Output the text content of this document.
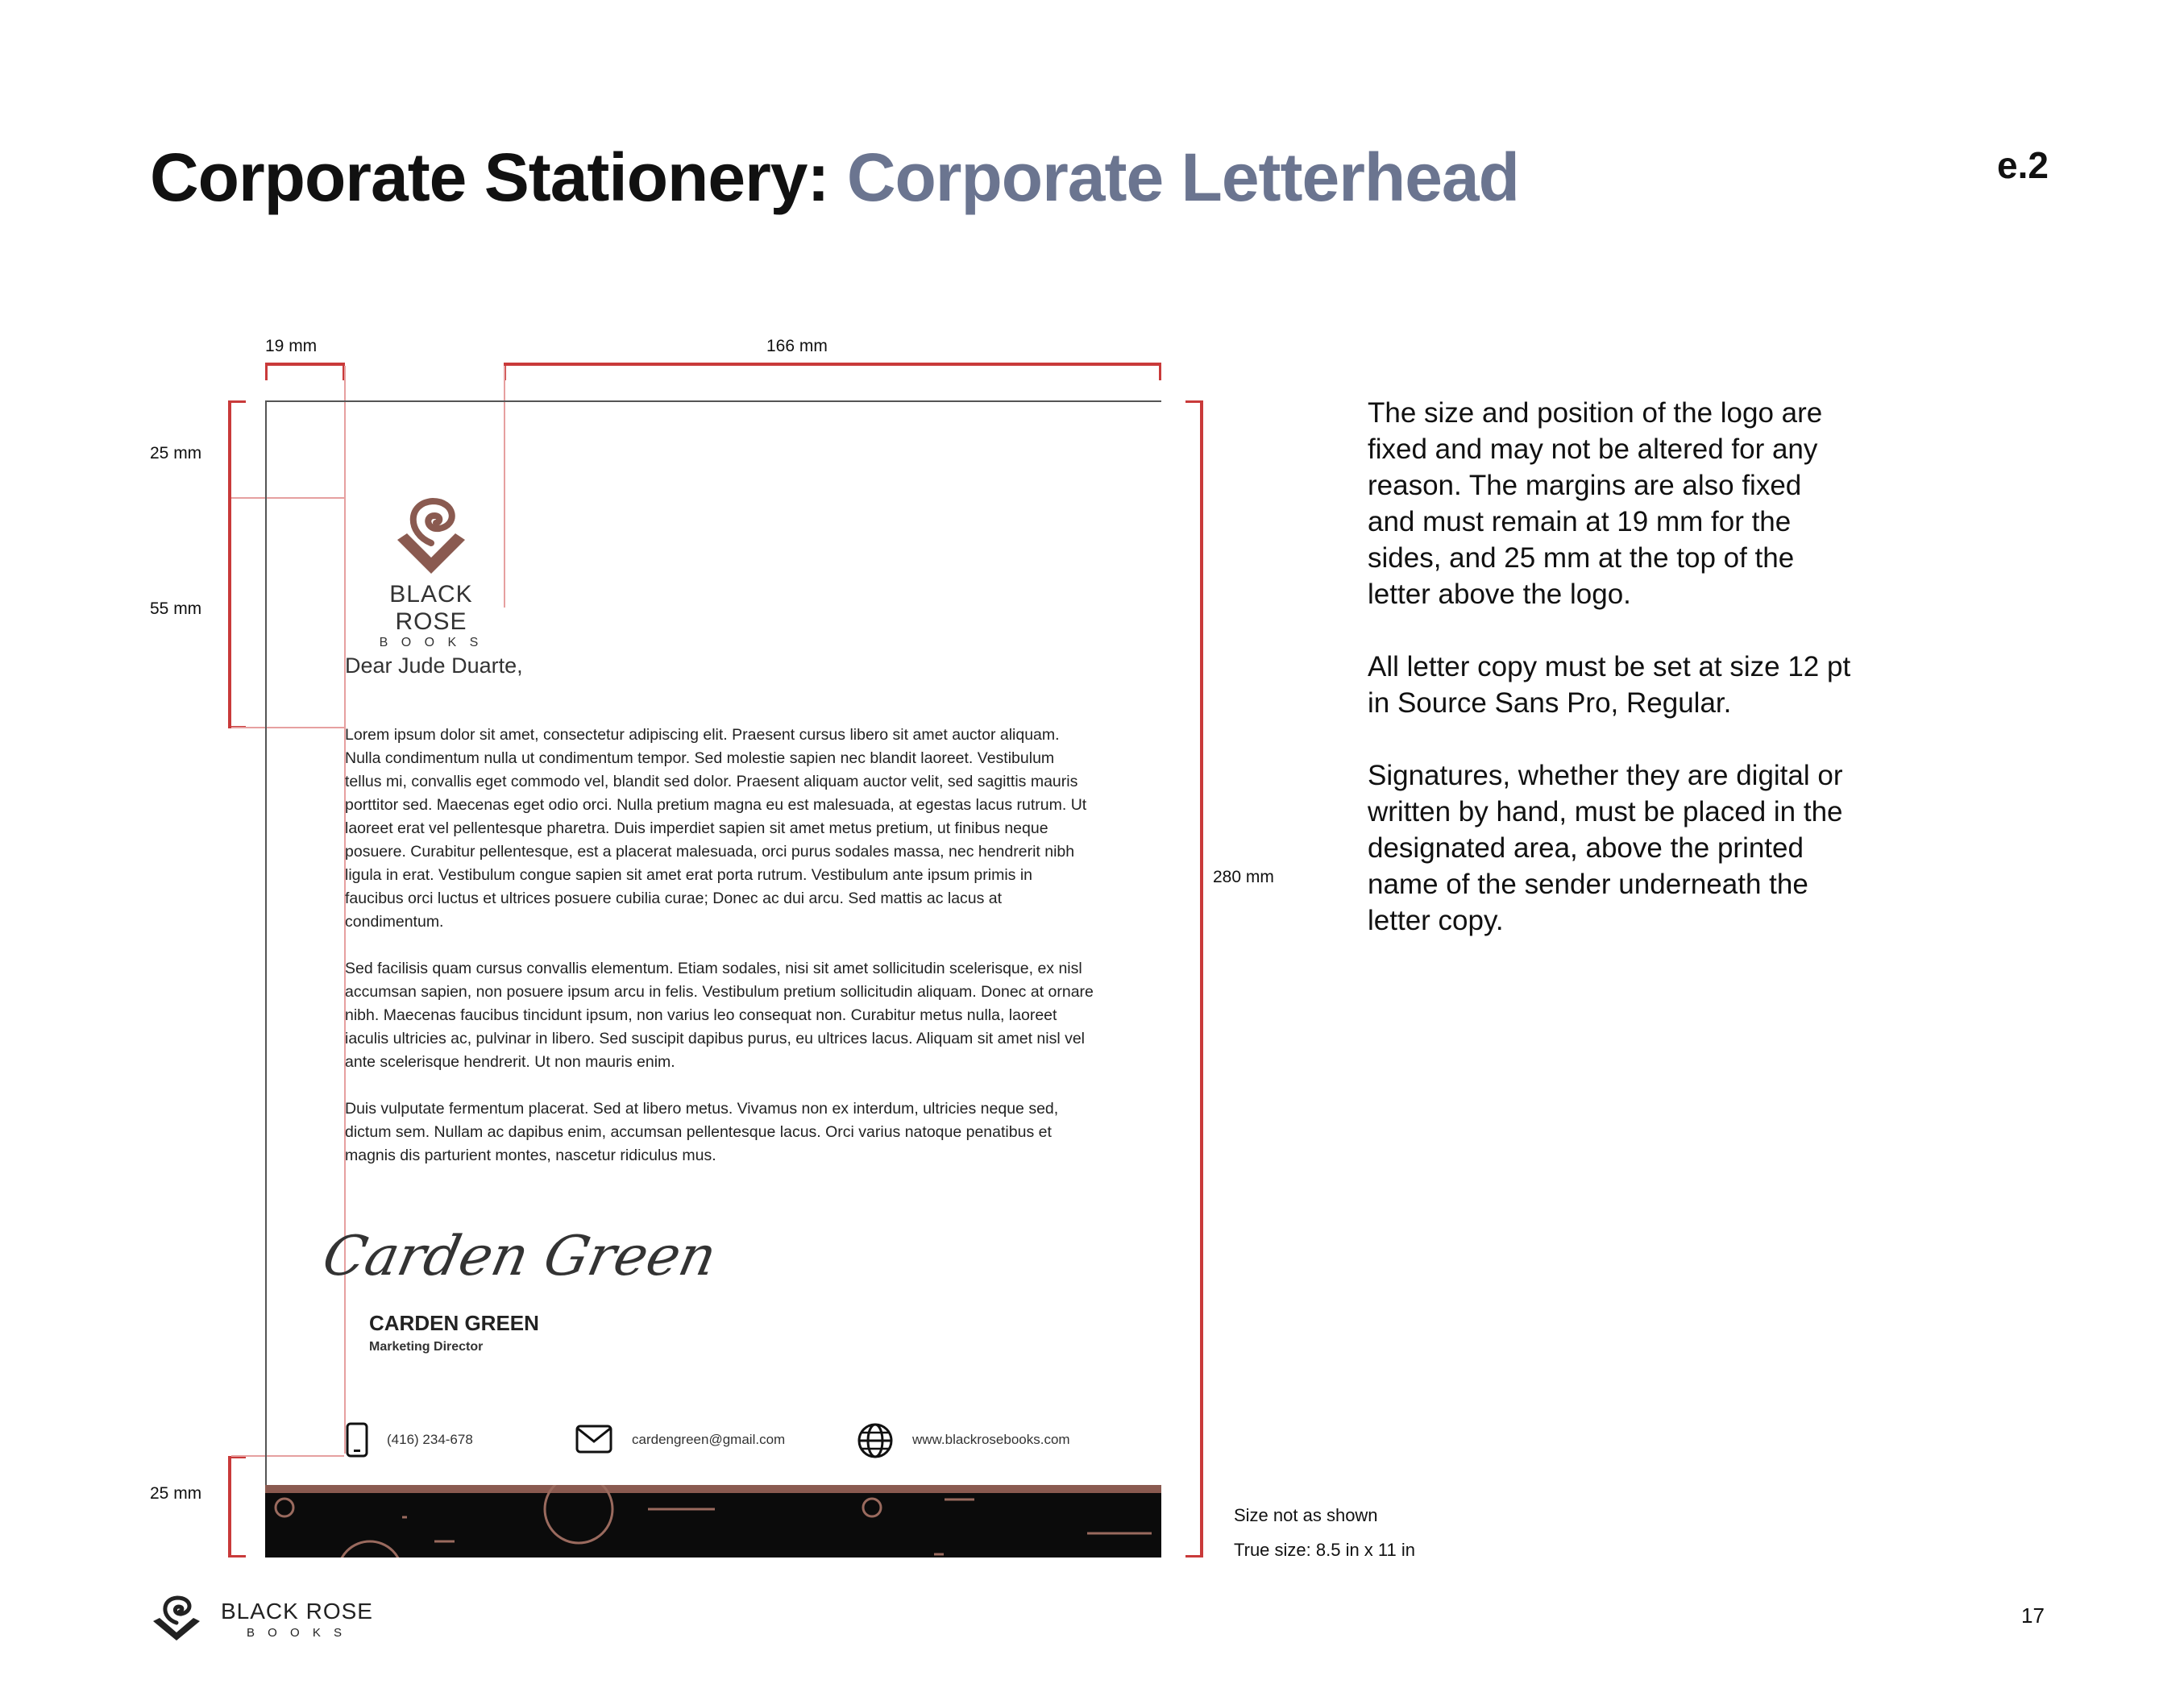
Corporate Stationery: Corporate Letterhead	e.2
19 mm	166 mm
25 mm
55 mm
280 mm
25 mm
BLACK ROSE
B O O K S
Dear Jude Duarte,
Lorem ipsum dolor sit amet, consectetur adipiscing elit. Praesent cursus libero sit amet auctor aliquam. Nulla condimentum nulla ut condimentum tempor. Sed molestie sapien nec blandit laoreet. Vestibulum tellus mi, convallis eget commodo vel, blandit sed dolor. Praesent aliquam auctor velit, sed sagittis mauris porttitor sed. Maecenas eget odio orci. Nulla pretium magna eu est malesuada, at egestas lacus rutrum. Ut laoreet erat vel pellentesque pharetra. Duis imperdiet sapien sit amet metus pretium, ut finibus neque posuere. Curabitur pellentesque, est a placerat malesuada, orci purus sodales massa, nec hendrerit nibh ligula in erat. Vestibulum congue sapien sit amet erat porta rutrum. Vestibulum ante ipsum primis in faucibus orci luctus et ultrices posuere cubilia curae; Donec ac dui arcu. Sed mattis ac lacus at condimentum.
Sed facilisis quam cursus convallis elementum. Etiam sodales, nisi sit amet sollicitudin scelerisque, ex nisl accumsan sapien, non posuere ipsum arcu in felis. Vestibulum pretium sollicitudin aliquam. Donec at ornare nibh. Maecenas faucibus tincidunt ipsum, non varius leo consequat non. Curabitur metus nulla, laoreet iaculis ultricies ac, pulvinar in libero. Sed suscipit dapibus purus, eu ultrices lacus. Aliquam sit amet nisl vel ante scelerisque hendrerit. Ut non mauris enim.
Duis vulputate fermentum placerat. Sed at libero metus. Vivamus non ex interdum, ultricies neque sed, dictum sem. Nullam ac dapibus enim, accumsan pellentesque lacus. Orci varius natoque penatibus et magnis dis parturient montes, nascetur ridiculus mus.
Carden Green
CARDEN GREEN
Marketing Director
(416) 234-678	cardengreen@gmail.com	www.blackrosebooks.com

The size and position of the logo are fixed and may not be altered for any reason. The margins are also fixed and must remain at 19 mm for the sides, and 25 mm at the top of the letter above the logo.

All letter copy must be set at size 12 pt in Source Sans Pro, Regular.

Signatures, whether they are digital or written by hand, must be placed in the designated area, above the printed name of the sender underneath the letter copy.

Size not as shown
True size: 8.5 in x 11 in
BLACK ROSE
B O O K S
17
